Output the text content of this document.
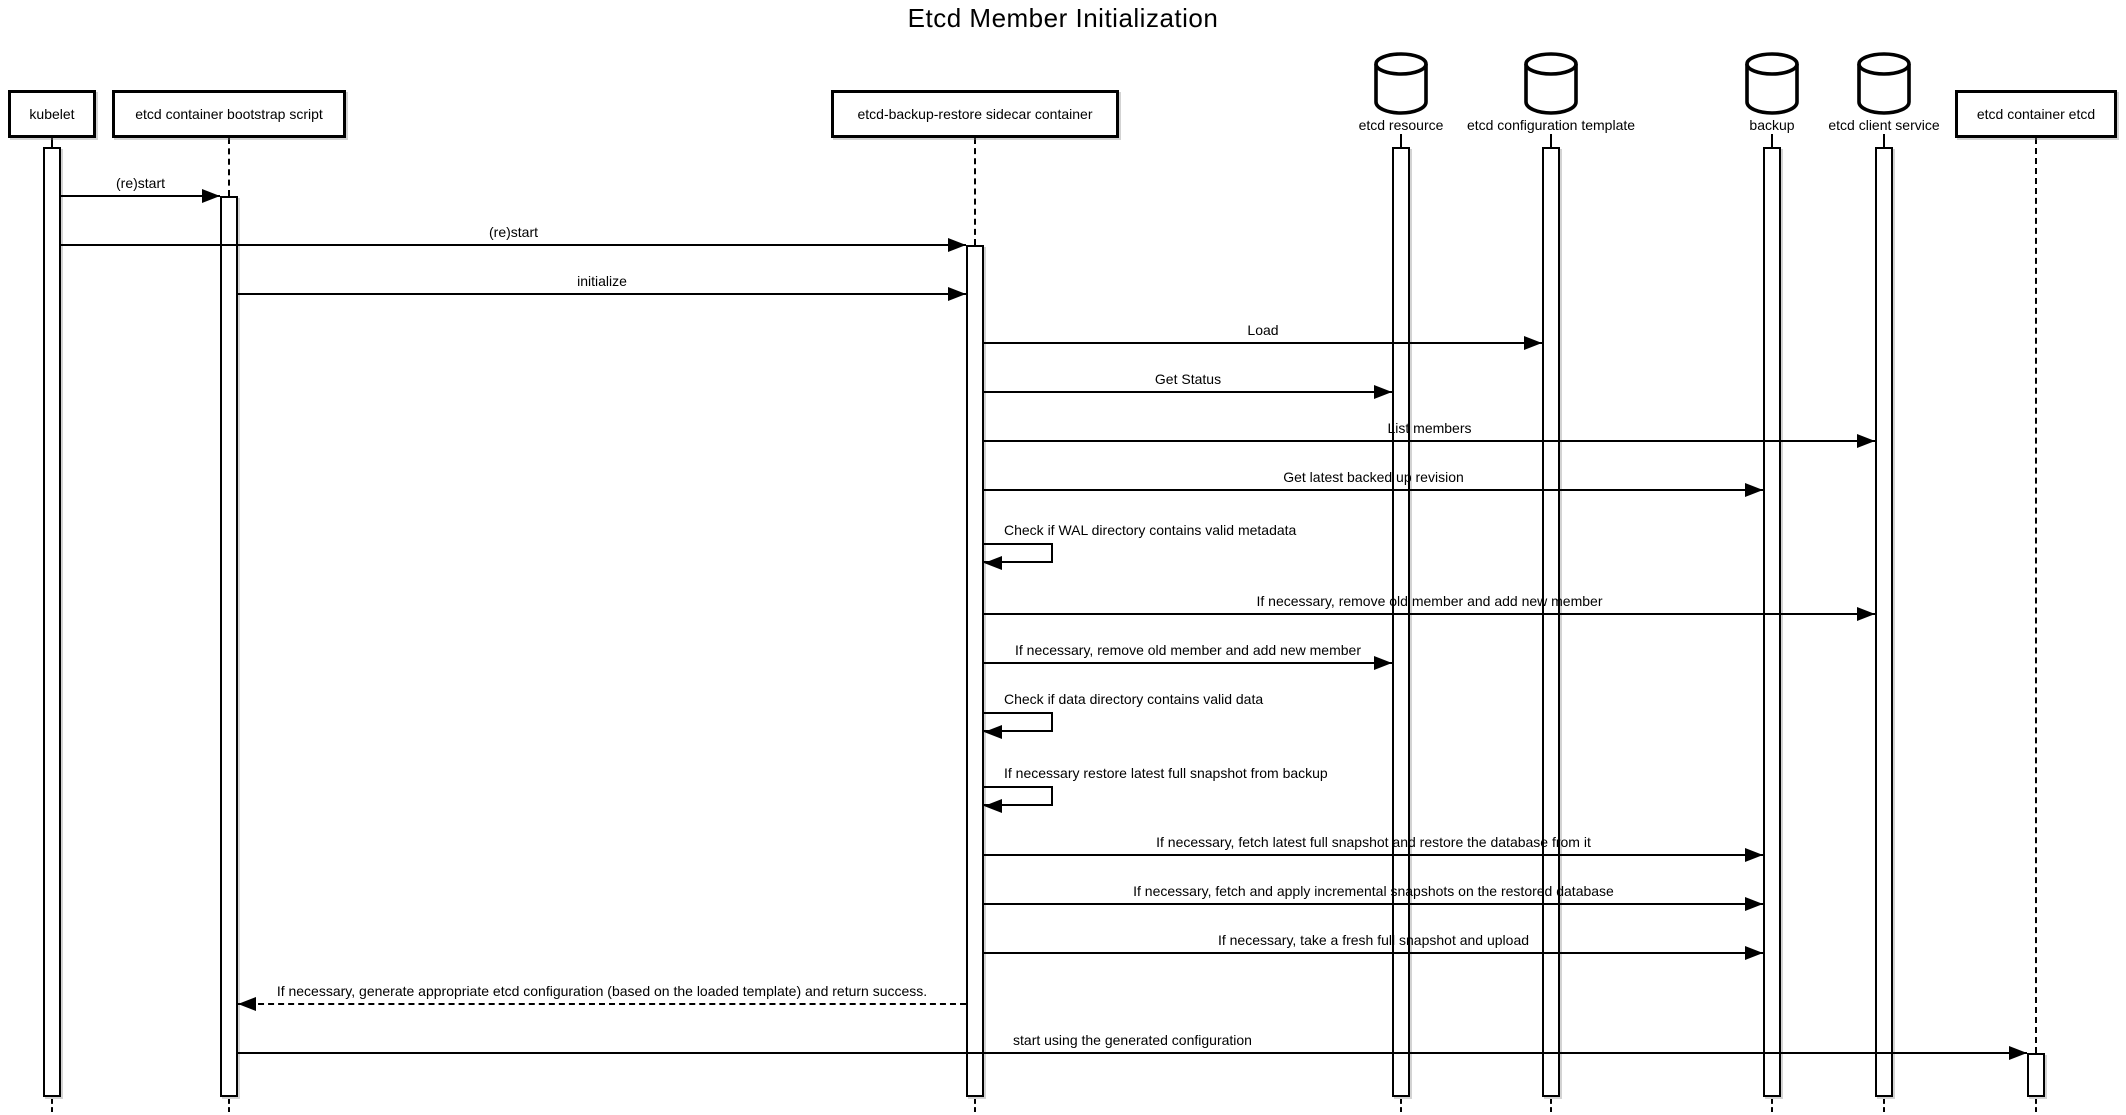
Etcd Member Initialization
kubelet	etcd container bootstrap script	etcd-backup-restore sidecar container
etcd resource	etcd configuration template	backup	etcd client service
etcd container etcd
(re)start
(re)start
initialize
Load
Get Status
List members
Get latest backed up revision
Check if WAL directory contains valid metadata
If necessary, remove old member and add new member
If necessary, remove old member and add new member
Check if data directory contains valid data
If necessary restore latest full snapshot from backup
If necessary, fetch latest full snapshot and restore the database from it
If necessary, fetch and apply incremental snapshots on the restored database
If necessary, take a fresh full snapshot and upload
If necessary, generate appropriate etcd configuration (based on the loaded template) and return success.
start using the generated configuration
